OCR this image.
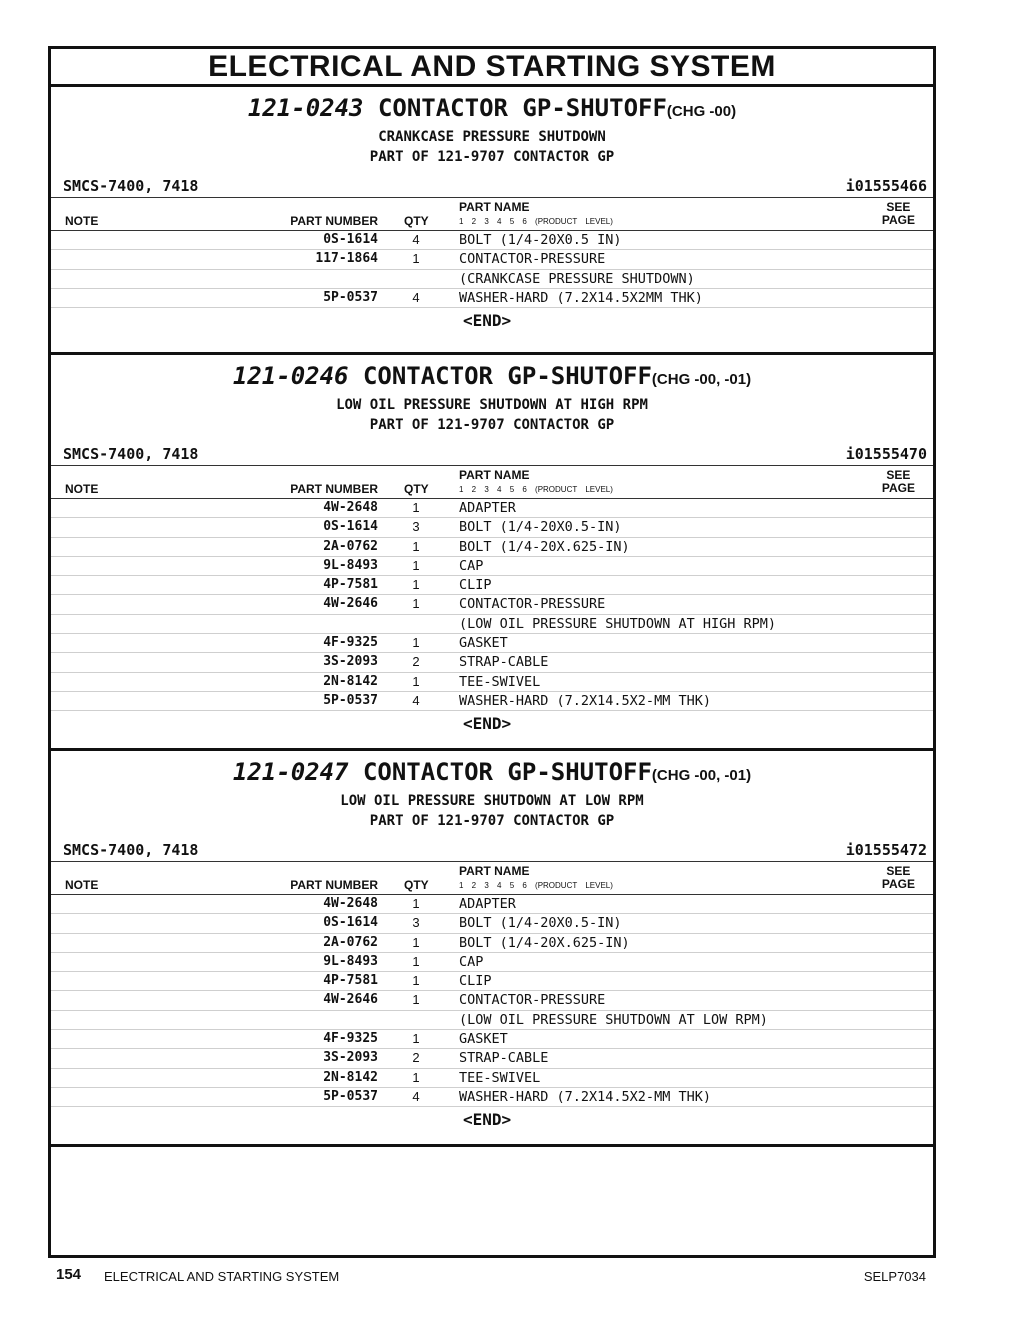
ELECTRICAL AND STARTING SYSTEM
121-0243 CONTACTOR GP-SHUTOFF(CHG -00)
CRANKCASE PRESSURE SHUTDOWN
PART OF 121-9707 CONTACTOR GP
SMCS-7400, 7418	i01555466
NOTE	PART NUMBER QTY
PART NAME
1 2 3 4 5 6 (PRODUCT LEVEL)
SEE
PAGE
0S-1614	4	BOLT (1/4-20X0.5 IN)
117-1864	1	CONTACTOR-PRESSURE
(CRANKCASE PRESSURE SHUTDOWN)
5P-0537	4	WASHER-HARD (7.2X14.5X2MM THK)
<END>
121-0246 CONTACTOR GP-SHUTOFF(CHG -00, -01)
LOW OIL PRESSURE SHUTDOWN AT HIGH RPM
PART OF 121-9707 CONTACTOR GP
SMCS-7400, 7418	i01555470
NOTE	PART NUMBER QTY
PART NAME
1 2 3 4 5 6 (PRODUCT LEVEL)
SEE
PAGE
4W-2648	1	ADAPTER
0S-1614	3	BOLT (1/4-20X0.5-IN)
2A-0762	1	BOLT (1/4-20X.625-IN)
9L-8493	1	CAP
4P-7581	1	CLIP
4W-2646	1	CONTACTOR-PRESSURE
(LOW OIL PRESSURE SHUTDOWN AT HIGH RPM)
4F-9325	1	GASKET
3S-2093	2	STRAP-CABLE
2N-8142	1	TEE-SWIVEL
5P-0537	4	WASHER-HARD (7.2X14.5X2-MM THK)
<END>
121-0247 CONTACTOR GP-SHUTOFF(CHG -00, -01)
LOW OIL PRESSURE SHUTDOWN AT LOW RPM
PART OF 121-9707 CONTACTOR GP
SMCS-7400, 7418	i01555472
NOTE	PART NUMBER QTY
PART NAME
1 2 3 4 5 6 (PRODUCT LEVEL)
SEE
PAGE
4W-2648	1	ADAPTER
0S-1614	3	BOLT (1/4-20X0.5-IN)
2A-0762	1	BOLT (1/4-20X.625-IN)
9L-8493	1	CAP
4P-7581	1	CLIP
4W-2646	1	CONTACTOR-PRESSURE
(LOW OIL PRESSURE SHUTDOWN AT LOW RPM)
4F-9325	1	GASKET
3S-2093	2	STRAP-CABLE
2N-8142	1	TEE-SWIVEL
5P-0537	4	WASHER-HARD (7.2X14.5X2-MM THK)
<END>
154 ELECTRICAL AND STARTING SYSTEM	SELP7034
